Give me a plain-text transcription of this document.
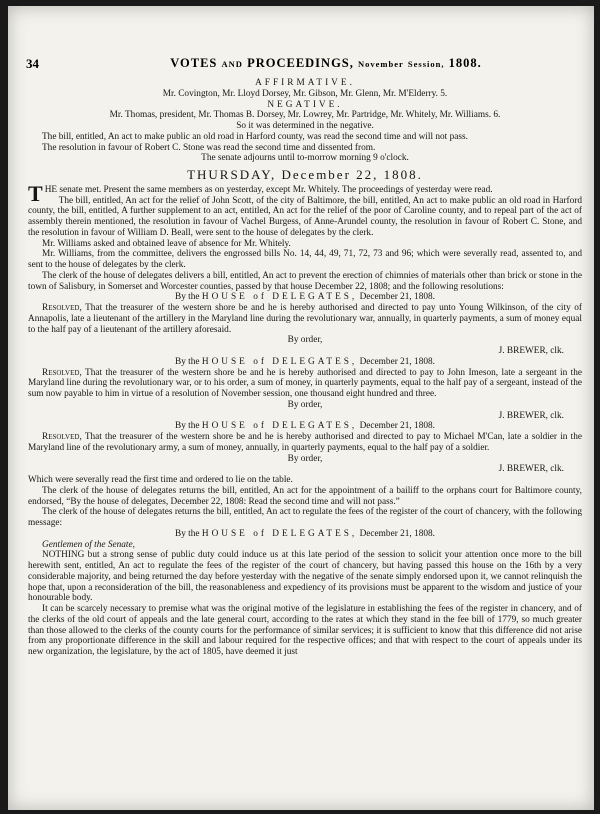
34	VOTES AND PROCEEDINGS, November Session, 1808.

AFFIRMATIVE.

Mr. Covington, Mr. Lloyd Dorsey, Mr. Gibson, Mr. Glenn, Mr. M'Elderry. 5.

NEGATIVE.

Mr. Thomas, president, Mr. Thomas B. Dorsey, Mr. Lowrey, Mr. Partridge, Mr. Whitely, Mr. Williams. 6.

So it was determined in the negative.

The bill, entitled, An act to make public an old road in Harford county, was read the second time and will not pass.

The resolution in favour of Robert C. Stone was read the second time and dissented from.

The senate adjourns until to-morrow morning 9 o'clock.

THURSDAY, December 22, 1808.

T HE senate met. Present the same members as on yesterday, except Mr. Whitely. The proceedings of yesterday were read.

The bill, entitled, An act for the relief of John Scott, of the city of Baltimore, the bill, entitled, An act to make public an old road in Harford county, the bill, entitled, A further supplement to an act, entitled, An act for the relief of the poor of Caroline county, and to repeal part of the act of assembly therein mentioned, the resolution in favour of Vachel Burgess, of Anne-Arundel county, the resolution in favour of Robert C. Stone, and the resolution in favour of William D. Beall, were sent to the house of delegates by the clerk.

Mr. Williams asked and obtained leave of absence for Mr. Whitely.

Mr. Williams, from the committee, delivers the engrossed bills No. 14, 44, 49, 71, 72, 73 and 96; which were severally read, assented to, and sent to the house of delegates by the clerk.

The clerk of the house of delegates delivers a bill, entitled, An act to prevent the erection of chimnies of materials other than brick or stone in the town of Salisbury, in Somerset and Worcester counties, passed by that house December 22, 1808; and the following resolutions:

By the HOUSE of DELEGATES, December 21, 1808.

Resolved, That the treasurer of the western shore be and he is hereby authorised and directed to pay unto Young Wilkinson, of the city of Annapolis, late a lieutenant of the artillery in the Maryland line during the revolutionary war, annually, in quarterly payments, a sum of money equal to the half pay of a lieutenant of the artillery aforesaid.

By order,

J. BREWER, clk.

By the HOUSE of DELEGATES, December 21, 1808.

Resolved, That the treasurer of the western shore be and he is hereby authorised and directed to pay to John Imeson, late a sergeant in the Maryland line during the revolutionary war, or to his order, a sum of money, in quarterly payments, equal to the half pay of a sergeant, instead of the sum now payable to him in virtue of a resolution of November session, one thousand eight hundred and three.

By order,

J. BREWER, clk.

By the HOUSE of DELEGATES, December 21, 1808.

Resolved, That the treasurer of the western shore be and he is hereby authorised and directed to pay to Michael M'Can, late a soldier in the Maryland line of the revolutionary army, a sum of money, annually, in quarterly payments, equal to the half pay of a soldier.

By order,

J. BREWER, clk.

Which were severally read the first time and ordered to lie on the table.

The clerk of the house of delegates returns the bill, entitled, An act for the appointment of a bailiff to the orphans court for Baltimore county, endorsed, “By the house of delegates, December 22, 1808: Read the second time and will not pass.”

The clerk of the house of delegates returns the bill, entitled, An act to regulate the fees of the register of the court of chancery, with the following message:

By the HOUSE of DELEGATES, December 21, 1808.

Gentlemen of the Senate,

NOTHING but a strong sense of public duty could induce us at this late period of the session to solicit your attention once more to the bill herewith sent, entitled, An act to regulate the fees of the register of the court of chancery, but having passed this house on the 16th by a very considerable majority, and being returned the day before yesterday with the negative of the senate simply endorsed upon it, we cannot relinquish the hope that, upon a reconsideration of the bill, the reasonableness and expediency of its provisions must be apparent to the wisdom and justice of your honourable body.

It can be scarcely necessary to premise what was the original motive of the legislature in establishing the fees of the register in chancery, and of the clerks of the old court of appeals and the late general court, according to the rates at which they stand in the fee bill of 1779, so much greater than those allowed to the clerks of the county courts for the performance of similar services; it is sufficient to know that this difference did not arise from any proportionate difference in the skill and labour required for the respective offices; and that with respect to the court of appeals under its new organization, the legislature, by the act of 1805, have deemed it just
